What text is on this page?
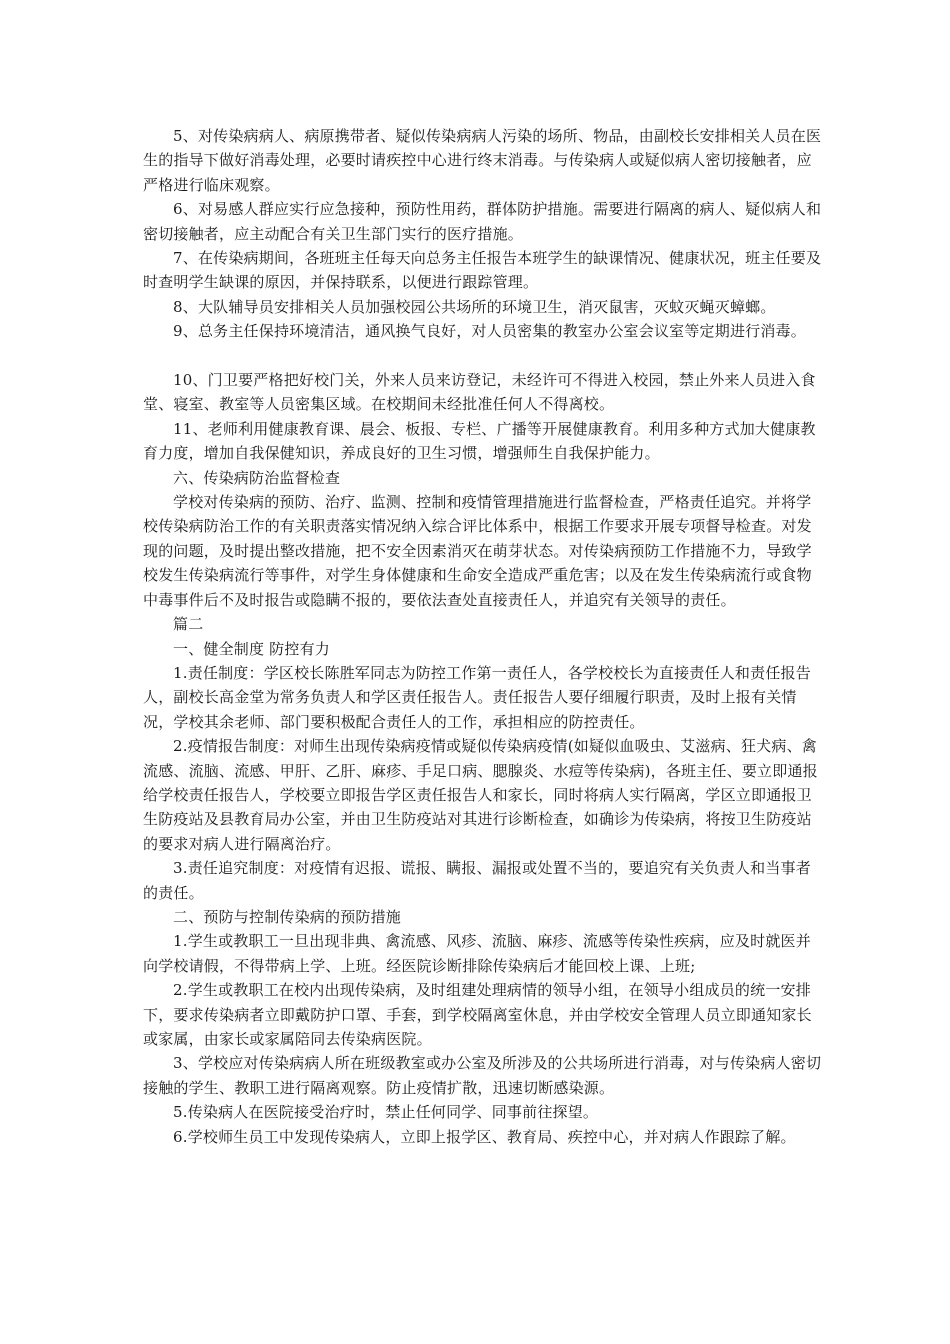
5、对传染病病人、病原携带者、疑似传染病病人污染的场所、物品，由副校长安排相关人员在医生的指导下做好消毒处理，必要时请疾控中心进行终末消毒。与传染病人或疑似病人密切接触者，应严格进行临床观察。

6、对易感人群应实行应急接种，预防性用药，群体防护措施。需要进行隔离的病人、疑似病人和密切接触者，应主动配合有关卫生部门实行的医疗措施。

7、在传染病期间，各班班主任每天向总务主任报告本班学生的缺课情况、健康状况，班主任要及时查明学生缺课的原因，并保持联系，以便进行跟踪管理。

8、大队辅导员安排相关人员加强校园公共场所的环境卫生，消灭鼠害，灭蚊灭蝇灭蟑螂。

9、总务主任保持环境清洁，通风换气良好，对人员密集的教室办公室会议室等定期进行消毒。

10、门卫要严格把好校门关，外来人员来访登记，未经许可不得进入校园，禁止外来人员进入食堂、寝室、教室等人员密集区域。在校期间未经批准任何人不得离校。

11、老师利用健康教育课、晨会、板报、专栏、广播等开展健康教育。利用多种方式加大健康教育力度，增加自我保健知识，养成良好的卫生习惯，增强师生自我保护能力。

六、传染病防治监督检查

学校对传染病的预防、治疗、监测、控制和疫情管理措施进行监督检查，严格责任追究。并将学校传染病防治工作的有关职责落实情况纳入综合评比体系中，根据工作要求开展专项督导检查。对发现的问题，及时提出整改措施，把不安全因素消灭在萌芽状态。对传染病预防工作措施不力，导致学校发生传染病流行等事件，对学生身体健康和生命安全造成严重危害；以及在发生传染病流行或食物中毒事件后不及时报告或隐瞒不报的，要依法查处直接责任人，并追究有关领导的责任。

篇二

一、健全制度 防控有力

1.责任制度：学区校长陈胜军同志为防控工作第一责任人，各学校校长为直接责任人和责任报告人，副校长高金堂为常务负责人和学区责任报告人。责任报告人要仔细履行职责，及时上报有关情况，学校其余老师、部门要积极配合责任人的工作，承担相应的防控责任。

2.疫情报告制度：对师生出现传染病疫情或疑似传染病疫情(如疑似血吸虫、艾滋病、狂犬病、禽流感、流脑、流感、甲肝、乙肝、麻疹、手足口病、腮腺炎、水痘等传染病)，各班主任、要立即通报给学校责任报告人，学校要立即报告学区责任报告人和家长，同时将病人实行隔离，学区立即通报卫生防疫站及县教育局办公室，并由卫生防疫站对其进行诊断检查，如确诊为传染病，将按卫生防疫站的要求对病人进行隔离治疗。

3.责任追究制度：对疫情有迟报、谎报、瞒报、漏报或处置不当的，要追究有关负责人和当事者的责任。

二、预防与控制传染病的预防措施

1.学生或教职工一旦出现非典、禽流感、风疹、流脑、麻疹、流感等传染性疾病，应及时就医并向学校请假，不得带病上学、上班。经医院诊断排除传染病后才能回校上课、上班;

2.学生或教职工在校内出现传染病，及时组建处理病情的领导小组，在领导小组成员的统一安排下，要求传染病者立即戴防护口罩、手套，到学校隔离室休息，并由学校安全管理人员立即通知家长或家属，由家长或家属陪同去传染病医院。

3、学校应对传染病病人所在班级教室或办公室及所涉及的公共场所进行消毒，对与传染病人密切接触的学生、教职工进行隔离观察。防止疫情扩散，迅速切断感染源。

5.传染病人在医院接受治疗时，禁止任何同学、同事前往探望。

6.学校师生员工中发现传染病人，立即上报学区、教育局、疾控中心，并对病人作跟踪了解。
